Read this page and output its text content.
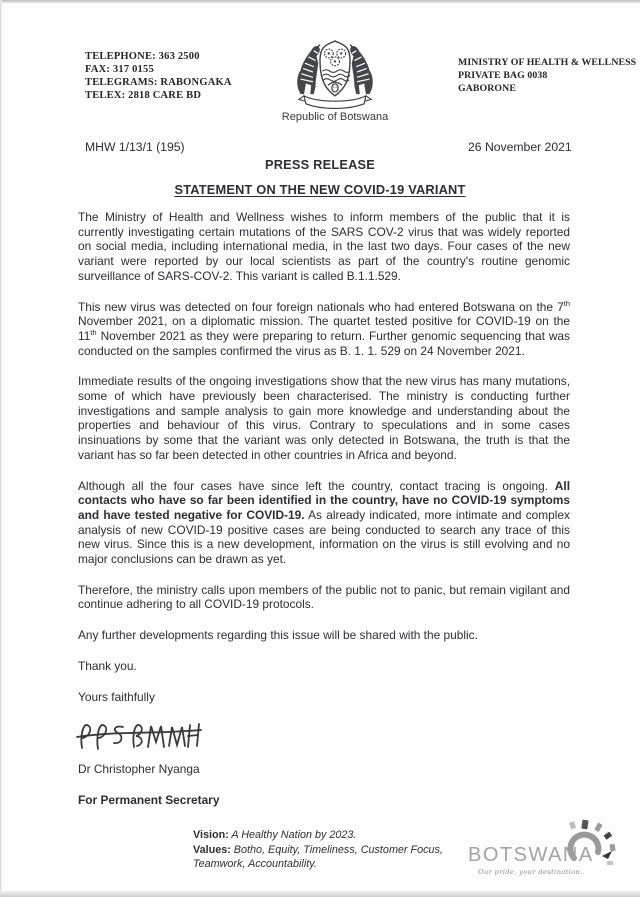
TELEPHONE: 363 2500
FAX: 317 0155
TELEGRAMS: RABONGAKA
TELEX: 2818 CARE BD
Republic of Botswana
MINISTRY OF HEALTH & WELLNESS
PRIVATE BAG 0038
GABORONE
MHW 1/13/1 (195)	26 November 2021
PRESS RELEASE
STATEMENT ON THE NEW COVID-19 VARIANT

The Ministry of Health and Wellness wishes to inform members of the public that it is currently investigating certain mutations of the SARS COV-2 virus that was widely reported on social media, including international media, in the last two days. Four cases of the new variant were reported by our local scientists as part of the country's routine genomic surveillance of SARS-COV-2. This variant is called B.1.1.529.

This new virus was detected on four foreign nationals who had entered Botswana on the 7th November 2021, on a diplomatic mission. The quartet tested positive for COVID-19 on the 11th November 2021 as they were preparing to return. Further genomic sequencing that was conducted on the samples confirmed the virus as B. 1. 1. 529 on 24 November 2021.

Immediate results of the ongoing investigations show that the new virus has many mutations, some of which have previously been characterised. The ministry is conducting further investigations and sample analysis to gain more knowledge and understanding about the properties and behaviour of this virus. Contrary to speculations and in some cases insinuations by some that the variant was only detected in Botswana, the truth is that the variant has so far been detected in other countries in Africa and beyond.

Although all the four cases have since left the country, contact tracing is ongoing. All contacts who have so far been identified in the country, have no COVID-19 symptoms and have tested negative for COVID-19. As already indicated, more intimate and complex analysis of new COVID-19 positive cases are being conducted to search any trace of this new virus. Since this is a new development, information on the virus is still evolving and no major conclusions can be drawn as yet.

Therefore, the ministry calls upon members of the public not to panic, but remain vigilant and continue adhering to all COVID-19 protocols.

Any further developments regarding this issue will be shared with the public.

Thank you.

Yours faithfully

Dr Christopher Nyanga

For Permanent Secretary

Vision: A Healthy Nation by 2023.
Values: Botho, Equity, Timeliness, Customer Focus, Teamwork, Accountability.	BOTSWANA
Our pride, your destination.
